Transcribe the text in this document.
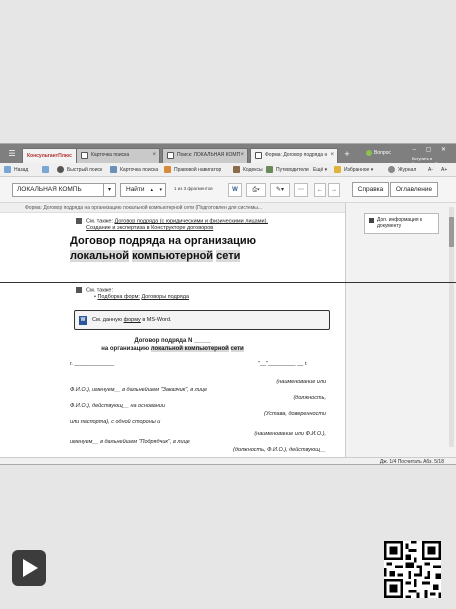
☰	КонсультантПлюс	Карточка поиска	×	Поиск: ЛОКАЛЬНАЯ КОМП ×	Форма: Договор подряда н ×	+	Вопрос	– ▢ ✕
Вступить в
Назад	Быстрый поиск	Карточка поиска	Правовой навигатор	Кодексы	Путеводители Ещё ▾	Избранное ▾	Журнал A- A+
ЛОКАЛЬНАЯ КОМПЬ	▾	Найти ▴ ▾	1 из 3 фрагментов	W	⎙▾	✎▾	⋯	←	→	Справка	Оглавление
Форма: Договор подряда на организацию локальной компьютерной сети (Подготовлен для системы...
См. также: Договор подряда (с юридическими и физическими лицами).
Создание и экспертиза в Конструкторе договоров
Договор подряда на организацию
локальной компьютерной сети
См. также:
• Подборка форм: Договоры подряда
W См. данную форму в MS-Word.
Договор подряда N _____
на организацию локальной компьютерной сети
г. _____________	"__"_________ __ г.
(наименование или
Ф.И.О.), именуем__ в дальнейшем "Заказчик", в лице
(должность,
Ф.И.О.), действующ__ на основании
(Устава, доверенности
или паспорта), с одной стороны и
(наименование или Ф.И.О.),
именуем__ в дальнейшем "Подрядчик", в лице
(должность, Ф.И.О.), действующ__
Доп. информация к документу
Дж. 1/4 Посчитать Абз. 5/18
